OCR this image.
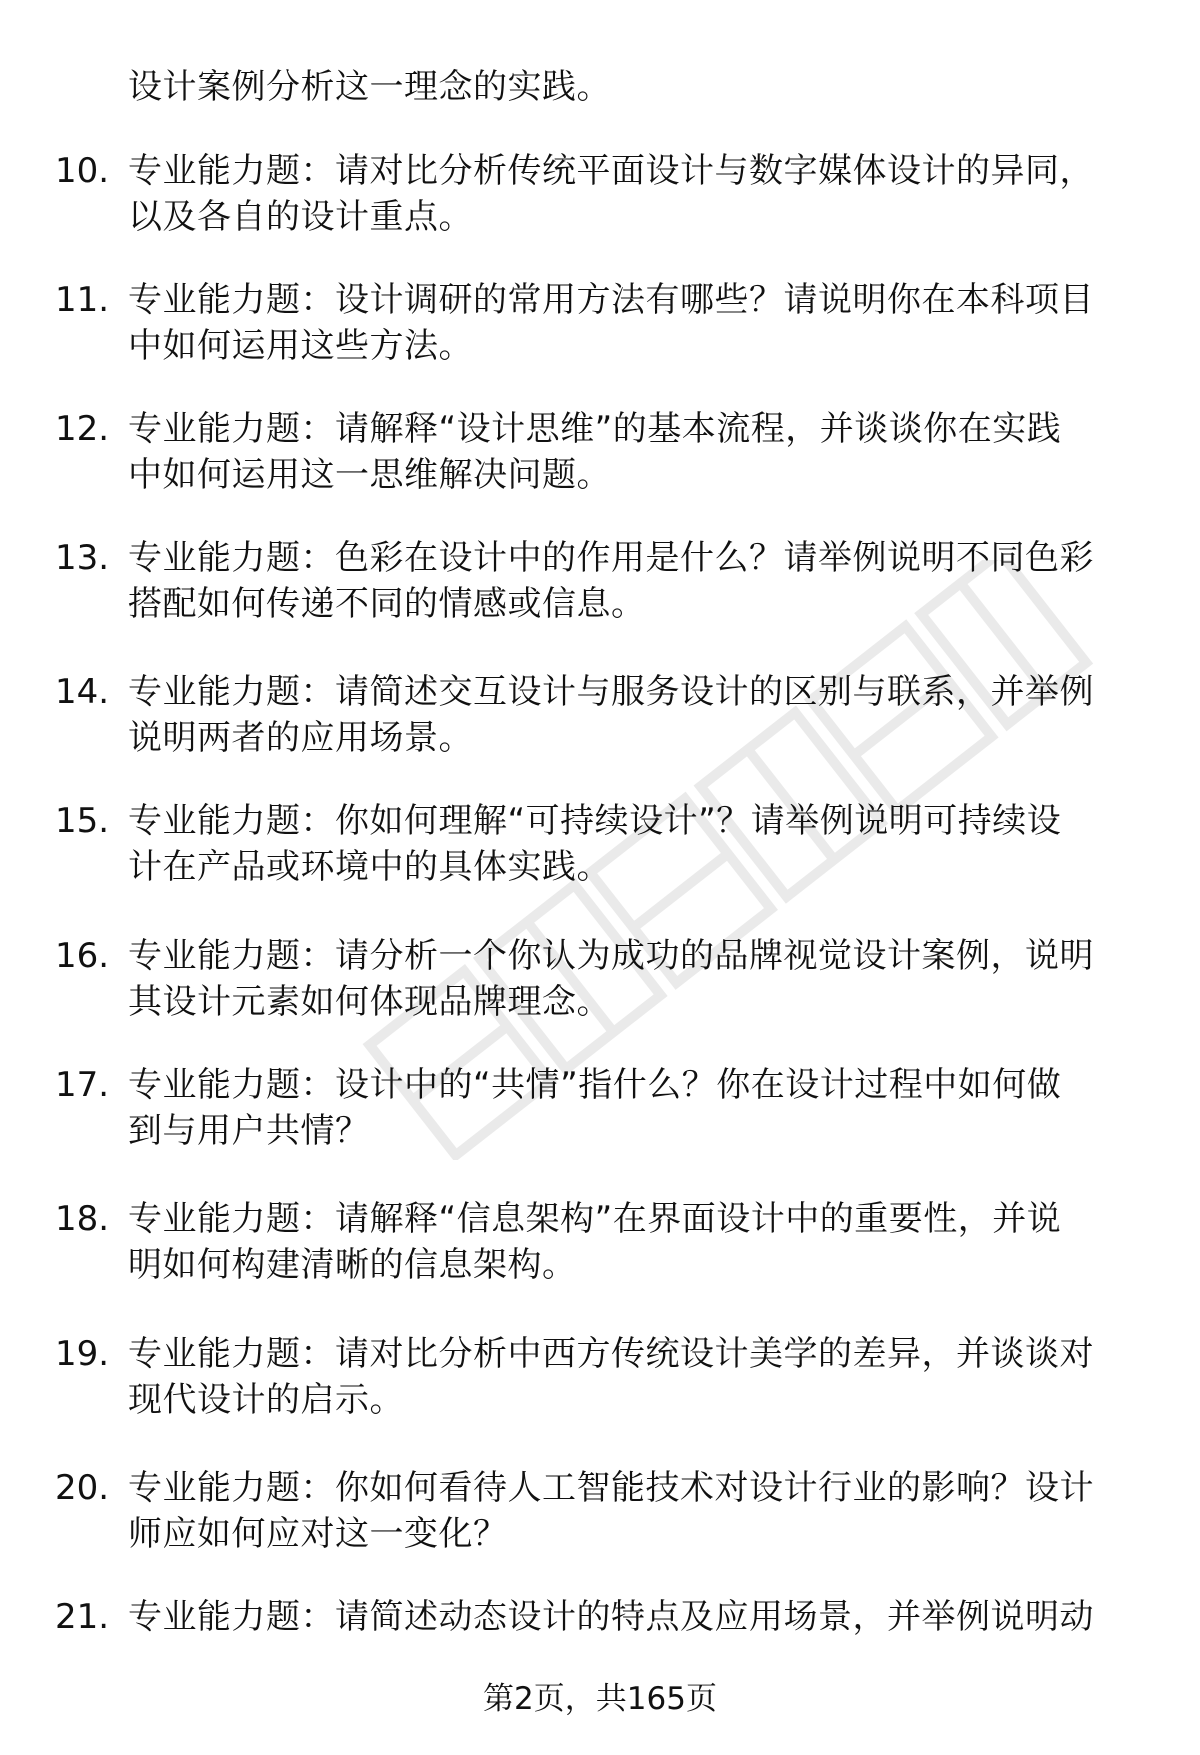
设计案例分析这一理念的实践。
10. 专业能力题：请对比分析传统平面设计与数字媒体设计的异同，
以及各自的设计重点。
11. 专业能力题：设计调研的常用方法有哪些？请说明你在本科项目
中如何运用这些方法。
12. 专业能力题：请解释“设计思维”的基本流程，并谈谈你在实践
中如何运用这一思维解决问题。
13. 专业能力题：色彩在设计中的作用是什么？请举例说明不同色彩
搭配如何传递不同的情感或信息。
14. 专业能力题：请简述交互设计与服务设计的区别与联系，并举例
说明两者的应用场景。
15. 专业能力题：你如何理解“可持续设计”？请举例说明可持续设
计在产品或环境中的具体实践。
16. 专业能力题：请分析一个你认为成功的品牌视觉设计案例，说明
其设计元素如何体现品牌理念。
17. 专业能力题：设计中的“共情”指什么？你在设计过程中如何做
到与用户共情？
18. 专业能力题：请解释“信息架构”在界面设计中的重要性，并说
明如何构建清晰的信息架构。
19. 专业能力题：请对比分析中西方传统设计美学的差异，并谈谈对
现代设计的启示。
20. 专业能力题：你如何看待人工智能技术对设计行业的影响？设计
师应如何应对这一变化？
21. 专业能力题：请简述动态设计的特点及应用场景，并举例说明动
第2页，共165页
